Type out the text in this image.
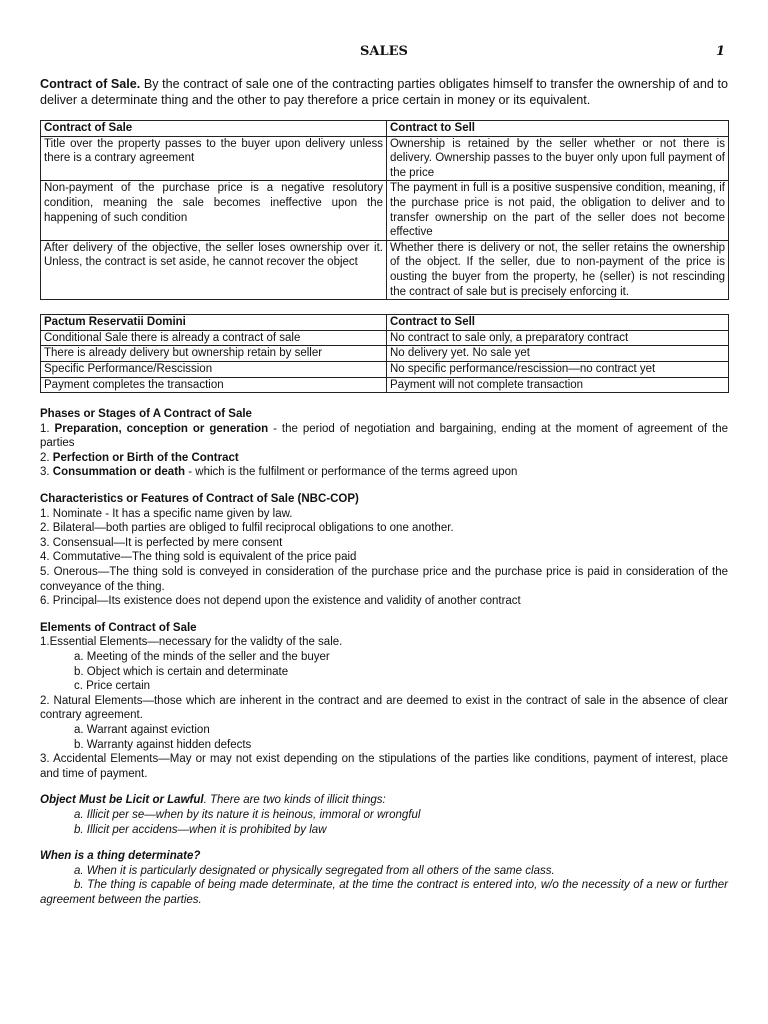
SALES	1

Contract of Sale. By the contract of sale one of the contracting parties obligates himself to transfer the ownership of and to deliver a determinate thing and the other to pay therefore a price certain in money or its equivalent.

Contract of Sale	Contract to Sell
Title over the property passes to the buyer upon delivery unless there is a contrary agreement	Ownership is retained by the seller whether or not there is delivery. Ownership passes to the buyer only upon full payment of the price
Non-payment of the purchase price is a negative resolutory condition, meaning the sale becomes ineffective upon the happening of such condition	The payment in full is a positive suspensive condition, meaning, if the purchase price is not paid, the obligation to deliver and to transfer ownership on the part of the seller does not become effective
After delivery of the objective, the seller loses ownership over it. Unless, the contract is set aside, he cannot recover the object	Whether there is delivery or not, the seller retains the ownership of the object. If the seller, due to non-payment of the price is ousting the buyer from the property, he (seller) is not rescinding the contract of sale but is precisely enforcing it.
Pactum Reservatii Domini	Contract to Sell
Conditional Sale there is already a contract of sale	No contract to sale only, a preparatory contract
There is already delivery but ownership retain by seller	No delivery yet. No sale yet
Specific Performance/Rescission	No specific performance/rescission—no contract yet
Payment completes the transaction	Payment will not complete transaction
Phases or Stages of A Contract of Sale
1. Preparation, conception or generation - the period of negotiation and bargaining, ending at the moment of agreement of the parties
2. Perfection or Birth of the Contract
3. Consummation or death - which is the fulfilment or performance of the terms agreed upon
Characteristics or Features of Contract of Sale (NBC-COP)
1. Nominate - It has a specific name given by law.
2. Bilateral—both parties are obliged to fulfil reciprocal obligations to one another.
3. Consensual—It is perfected by mere consent
4. Commutative—The thing sold is equivalent of the price paid
5. Onerous—The thing sold is conveyed in consideration of the purchase price and the purchase price is paid in consideration of the conveyance of the thing.
6. Principal—Its existence does not depend upon the existence and validity of another contract
Elements of Contract of Sale
1.Essential Elements—necessary for the validty of the sale.
a. Meeting of the minds of the seller and the buyer
b. Object which is certain and determinate
c. Price certain
2. Natural Elements—those which are inherent in the contract and are deemed to exist in the contract of sale in the absence of clear contrary agreement.
a. Warrant against eviction
b. Warranty against hidden defects
3. Accidental Elements—May or may not exist depending on the stipulations of the parties like conditions, payment of interest, place and time of payment.
Object Must be Licit or Lawful. There are two kinds of illicit things:
a. Illicit per se—when by its nature it is heinous, immoral or wrongful
b. Illicit per accidens—when it is prohibited by law
When is a thing determinate?
a. When it is particularly designated or physically segregated from all others of the same class.
b. The thing is capable of being made determinate, at the time the contract is entered into, w/o the necessity of a new or further agreement between the parties.
